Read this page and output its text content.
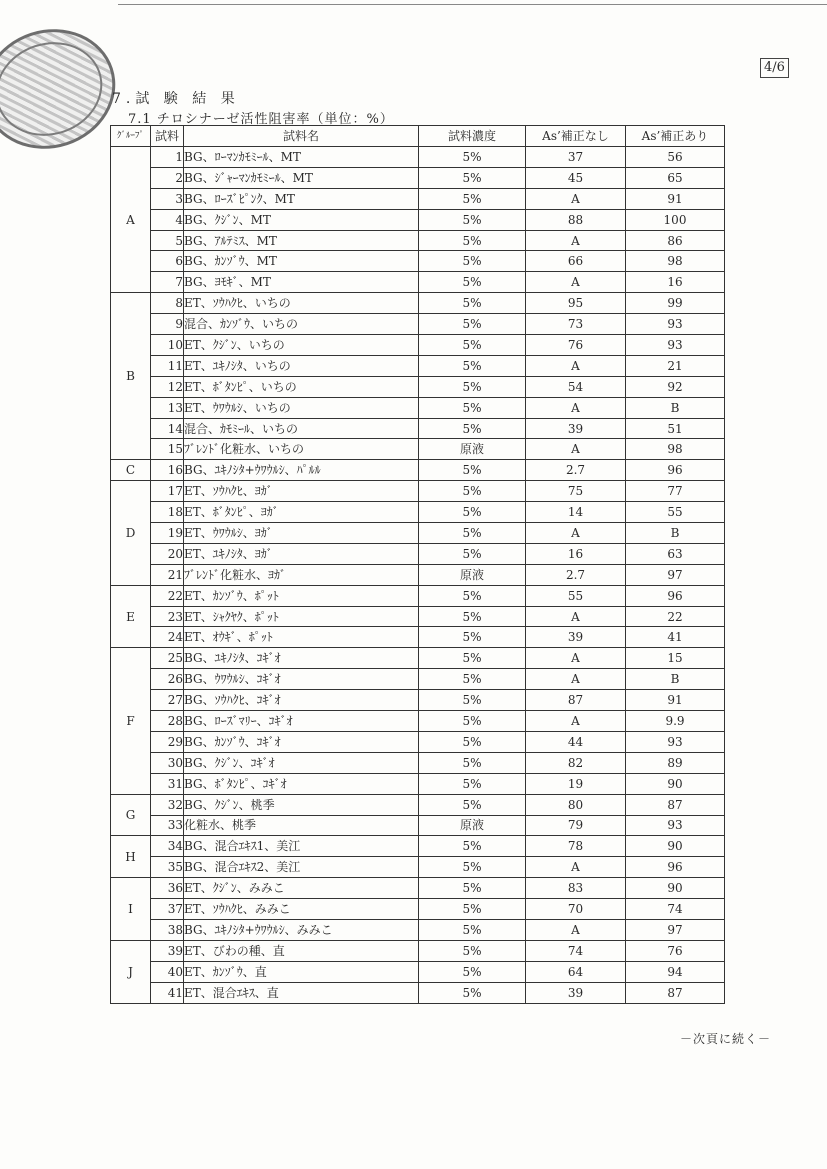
4/6
7.試 験 結 果
7.1 チロシナーゼ活性阻害率（単位：%）
ｸﾞﾙｰﾌﾟ	試料	試料名	試料濃度	As’補正なし	As’補正あり
A	1	BG、ﾛｰﾏﾝｶﾓﾐｰﾙ、MT	5%	37	56
	2	BG、ｼﾞｬｰﾏﾝｶﾓﾐｰﾙ、MT	5%	45	65
	3	BG、ﾛｰｽﾞﾋﾟﾝｸ、MT	5%	A	91
	4	BG、ｸｼﾞﾝ、MT	5%	88	100
	5	BG、ｱﾙﾃﾐｽ、MT	5%	A	86
	6	BG、ｶﾝｿﾞｳ、MT	5%	66	98
	7	BG、ﾖﾓｷﾞ、MT	5%	A	16
B	8	ET、ｿｳﾊｸﾋ、いちの	5%	95	99
	9	混合、ｶﾝｿﾞｳ、いちの	5%	73	93
	10	ET、ｸｼﾞﾝ、いちの	5%	76	93
	11	ET、ﾕｷﾉｼﾀ、いちの	5%	A	21
	12	ET、ﾎﾞﾀﾝﾋﾟ、いちの	5%	54	92
	13	ET、ｳﾜｳﾙｼ、いちの	5%	A	B
	14	混合、ｶﾓﾐｰﾙ、いちの	5%	39	51
	15	ﾌﾞﾚﾝﾄﾞ化粧水、いちの	原液	A	98
C	16	BG、ﾕｷﾉｼﾀ+ｳﾜｳﾙｼ、ﾊﾟﾙﾙ	5%	2.7	96
D	17	ET、ｿｳﾊｸﾋ、ﾖｶﾞ	5%	75	77
	18	ET、ﾎﾞﾀﾝﾋﾟ、ﾖｶﾞ	5%	14	55
	19	ET、ｳﾜｳﾙｼ、ﾖｶﾞ	5%	A	B
	20	ET、ﾕｷﾉｼﾀ、ﾖｶﾞ	5%	16	63
	21	ﾌﾞﾚﾝﾄﾞ化粧水、ﾖｶﾞ	原液	2.7	97
E	22	ET、ｶﾝｿﾞｳ、ﾎﾟｯﾄ	5%	55	96
	23	ET、ｼｬｸﾔｸ、ﾎﾟｯﾄ	5%	A	22
	24	ET、ｵｳｷﾞ、ﾎﾟｯﾄ	5%	39	41
F	25	BG、ﾕｷﾉｼﾀ、ｺｷﾞｵ	5%	A	15
	26	BG、ｳﾜｳﾙｼ、ｺｷﾞｵ	5%	A	B
	27	BG、ｿｳﾊｸﾋ、ｺｷﾞｵ	5%	87	91
	28	BG、ﾛｰｽﾞﾏﾘｰ、ｺｷﾞｵ	5%	A	9.9
	29	BG、ｶﾝｿﾞｳ、ｺｷﾞｵ	5%	44	93
	30	BG、ｸｼﾞﾝ、ｺｷﾞｵ	5%	82	89
	31	BG、ﾎﾞﾀﾝﾋﾟ、ｺｷﾞｵ	5%	19	90
G	32	BG、ｸｼﾞﾝ、桃季	5%	80	87
	33	化粧水、桃季	原液	79	93
H	34	BG、混合ｴｷｽ1、美江	5%	78	90
	35	BG、混合ｴｷｽ2、美江	5%	A	96
I	36	ET、ｸｼﾞﾝ、みみこ	5%	83	90
	37	ET、ｿｳﾊｸﾋ、みみこ	5%	70	74
	38	BG、ﾕｷﾉｼﾀ+ｳﾜｳﾙｼ、みみこ	5%	A	97
J	39	ET、びわの種、直	5%	74	76
	40	ET、ｶﾝｿﾞｳ、直	5%	64	94
	41	ET、混合ｴｷｽ、直	5%	39	87
－次頁に続く－
